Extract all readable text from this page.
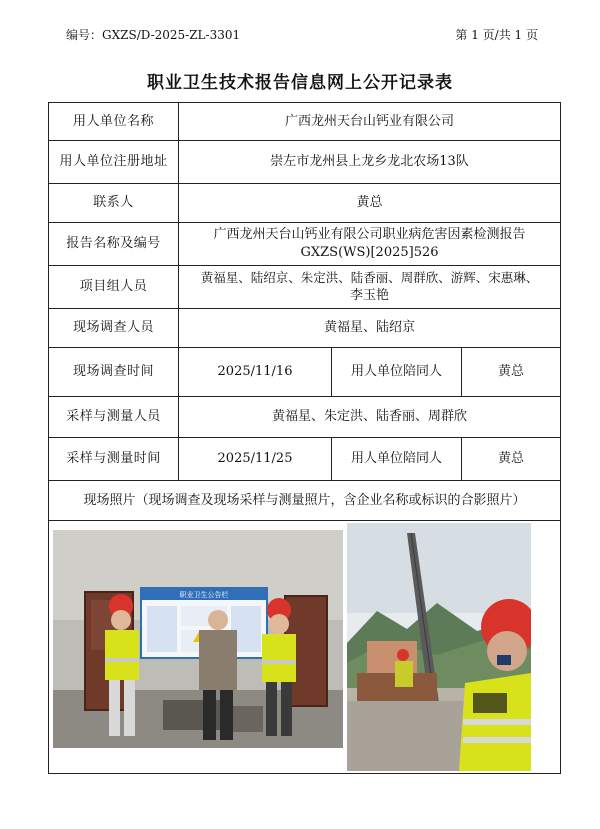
编号：GXZS/D-2025-ZL-3301	第 1 页/共 1 页
职业卫生技术报告信息网上公开记录表
用人单位名称	广西龙州天台山钙业有限公司		
用人单位注册地址	崇左市龙州县上龙乡龙北农场13队		
联系人	黄总		
报告名称及编号	广西龙州天台山钙业有限公司职业病危害因素检测报告
GXZS(WS)[2025]526		

项目组人员	黄福星、陆绍京、朱定洪、陆香丽、周群欣、游辉、宋惠琳、
李玉艳		

现场调查人员	黄福星、陆绍京		
现场调查时间	2025/11/16	用人单位陪同人	黄总
采样与测量人员	黄福星、朱定洪、陆香丽、周群欣		
采样与测量时间	2025/11/25	用人单位陪同人	黄总
现场照片（现场调查及现场采样与测量照片，含企业名称或标识的合影照片）			

职业卫生公告栏			
